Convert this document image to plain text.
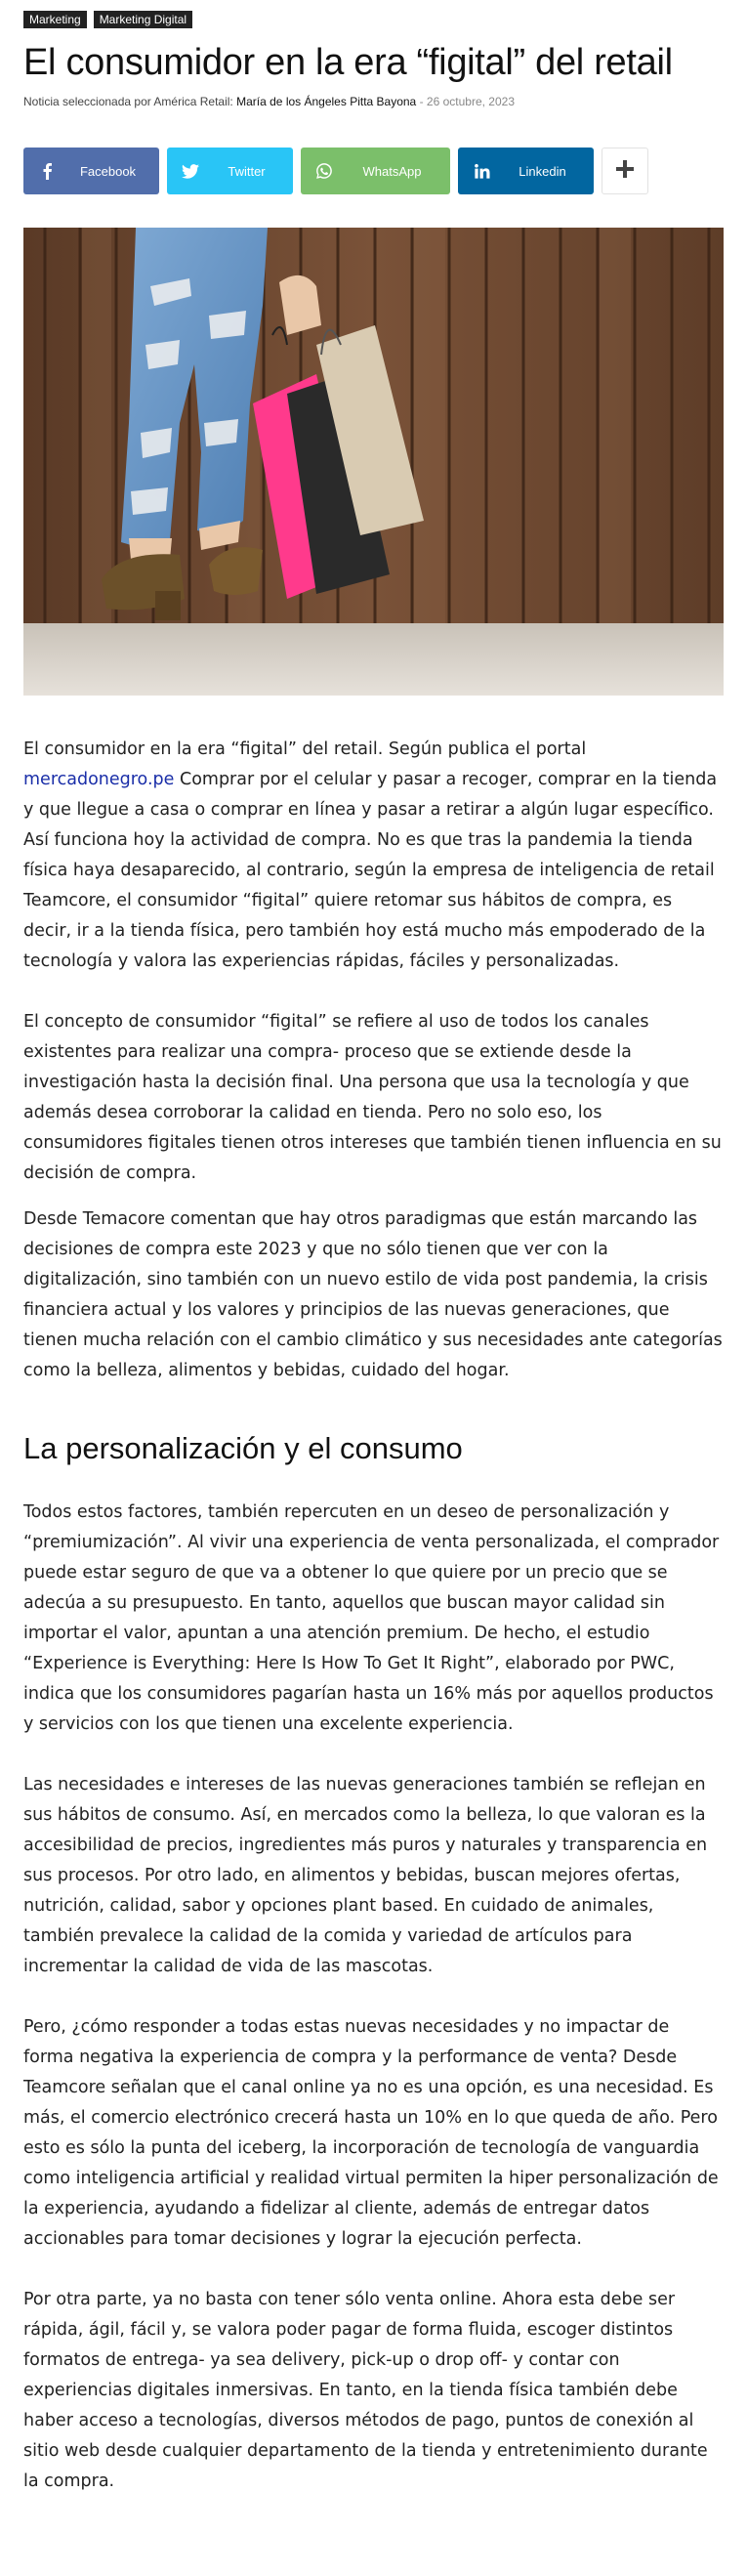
Marketing	Marketing Digital
El consumidor en la era “figital” del retail
Noticia seleccionada por América Retail: María de los Ángeles Pitta Bayona - 26 octubre, 2023
Facebook	Twitter	WhatsApp	Linkedin

El consumidor en la era “figital” del retail. Según publica el portal mercadonegro.pe Comprar por el celular y pasar a recoger, comprar en la tienda y que llegue a casa o comprar en línea y pasar a retirar a algún lugar específico. Así funciona hoy la actividad de compra. No es que tras la pandemia la tienda física haya desaparecido, al contrario, según la empresa de inteligencia de retail Teamcore, el consumidor “figital” quiere retomar sus hábitos de compra, es decir, ir a la tienda física, pero también hoy está mucho más empoderado de la tecnología y valora las experiencias rápidas, fáciles y personalizadas.

El concepto de consumidor “figital” se refiere al uso de todos los canales existentes para realizar una compra- proceso que se extiende desde la investigación hasta la decisión final. Una persona que usa la tecnología y que además desea corroborar la calidad en tienda. Pero no solo eso, los consumidores figitales tienen otros intereses que también tienen influencia en su decisión de compra.

Desde Temacore comentan que hay otros paradigmas que están marcando las decisiones de compra este 2023 y que no sólo tienen que ver con la digitalización, sino también con un nuevo estilo de vida post pandemia, la crisis financiera actual y los valores y principios de las nuevas generaciones, que tienen mucha relación con el cambio climático y sus necesidades ante categorías como la belleza, alimentos y bebidas, cuidado del hogar.

La personalización y el consumo

Todos estos factores, también repercuten en un deseo de personalización y “premiumización”. Al vivir una experiencia de venta personalizada, el comprador puede estar seguro de que va a obtener lo que quiere por un precio que se adecúa a su presupuesto. En tanto, aquellos que buscan mayor calidad sin importar el valor, apuntan a una atención premium. De hecho, el estudio “Experience is Everything: Here Is How To Get It Right”, elaborado por PWC, indica que los consumidores pagarían hasta un 16% más por aquellos productos y servicios con los que tienen una excelente experiencia.

Las necesidades e intereses de las nuevas generaciones también se reflejan en sus hábitos de consumo. Así, en mercados como la belleza, lo que valoran es la accesibilidad de precios, ingredientes más puros y naturales y transparencia en sus procesos. Por otro lado, en alimentos y bebidas, buscan mejores ofertas, nutrición, calidad, sabor y opciones plant based. En cuidado de animales, también prevalece la calidad de la comida y variedad de artículos para incrementar la calidad de vida de las mascotas.

Pero, ¿cómo responder a todas estas nuevas necesidades y no impactar de forma negativa la experiencia de compra y la performance de venta? Desde Teamcore señalan que el canal online ya no es una opción, es una necesidad. Es más, el comercio electrónico crecerá hasta un 10% en lo que queda de año. Pero esto es sólo la punta del iceberg, la incorporación de tecnología de vanguardia como inteligencia artificial y realidad virtual permiten la hiper personalización de la experiencia, ayudando a fidelizar al cliente, además de entregar datos accionables para tomar decisiones y lograr la ejecución perfecta.

Por otra parte, ya no basta con tener sólo venta online. Ahora esta debe ser rápida, ágil, fácil y, se valora poder pagar de forma fluida, escoger distintos formatos de entrega- ya sea delivery, pick-up o drop off- y contar con experiencias digitales inmersivas. En tanto, en la tienda física también debe haber acceso a tecnologías, diversos métodos de pago, puntos de conexión al sitio web desde cualquier departamento de la tienda y entretenimiento durante la compra.
